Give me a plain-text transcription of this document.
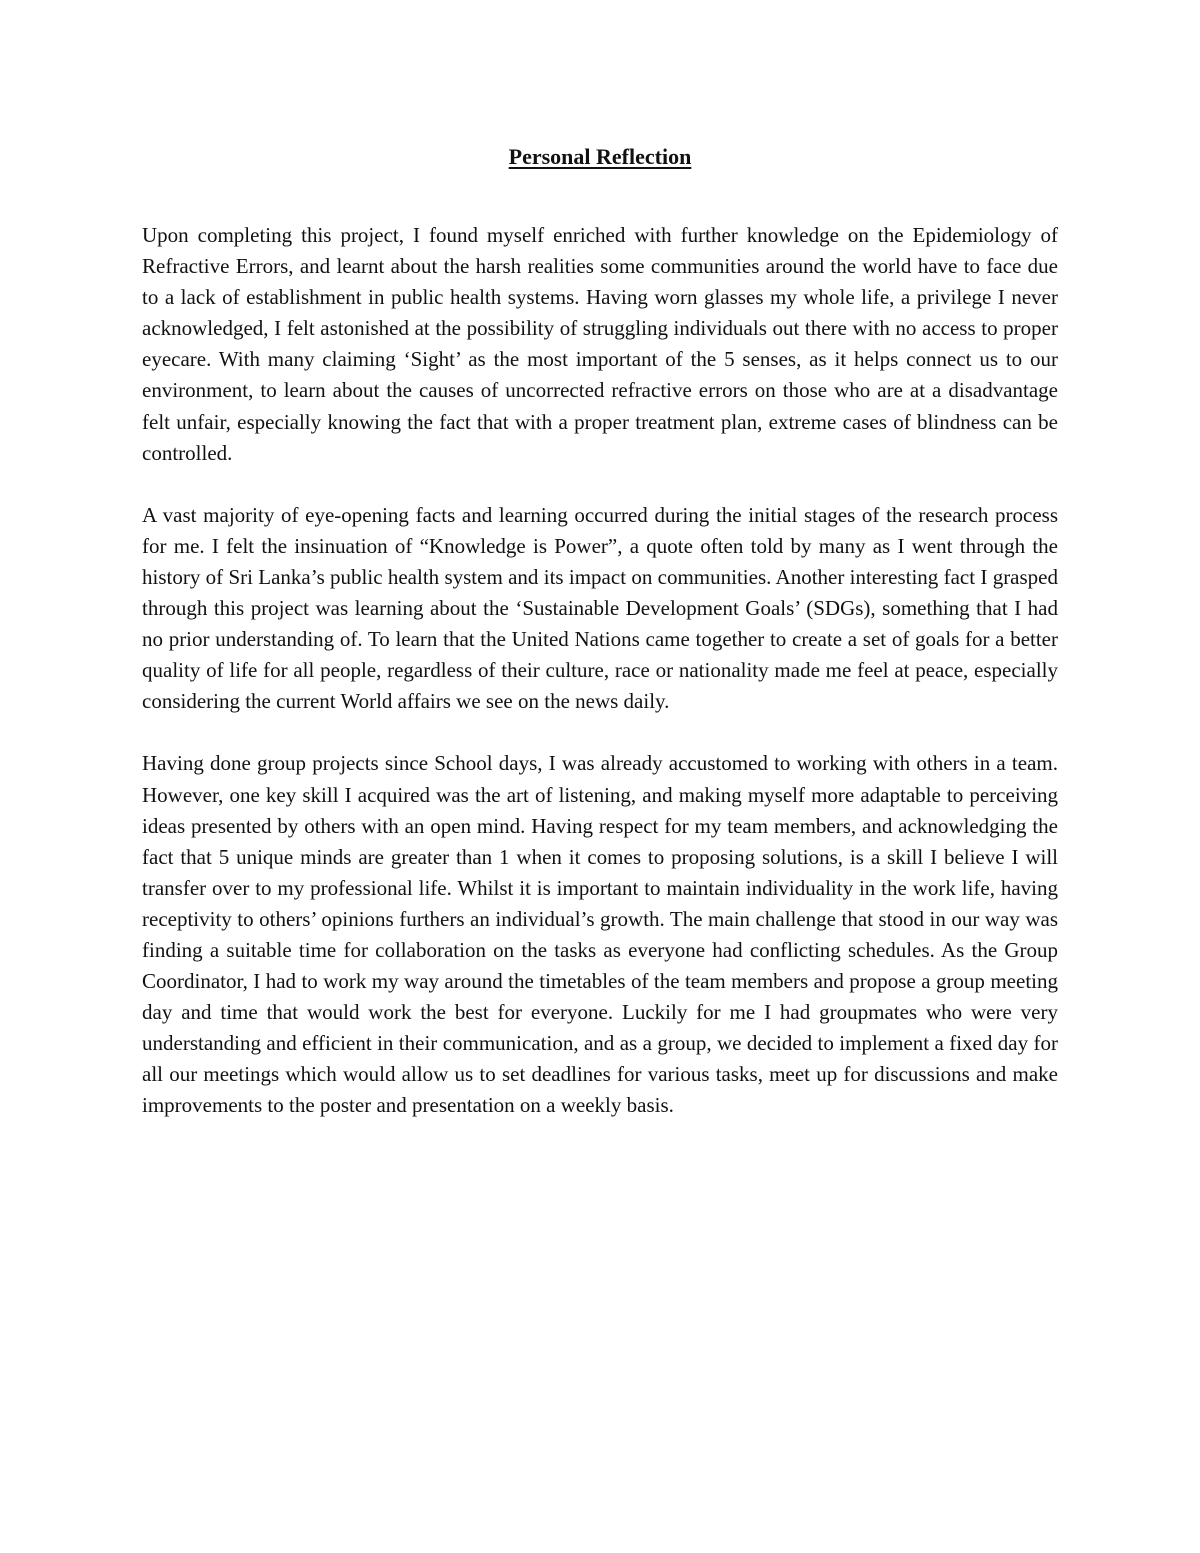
Personal Reflection

Upon completing this project, I found myself enriched with further knowledge on the Epidemiology of Refractive Errors, and learnt about the harsh realities some communities around the world have to face due to a lack of establishment in public health systems. Having worn glasses my whole life, a privilege I never acknowledged, I felt astonished at the possibility of struggling individuals out there with no access to proper eyecare. With many claiming ‘Sight’ as the most important of the 5 senses, as it helps connect us to our environment, to learn about the causes of uncorrected refractive errors on those who are at a disadvantage felt unfair, especially knowing the fact that with a proper treatment plan, extreme cases of blindness can be controlled.

A vast majority of eye-opening facts and learning occurred during the initial stages of the research process for me. I felt the insinuation of “Knowledge is Power”, a quote often told by many as I went through the history of Sri Lanka’s public health system and its impact on communities. Another interesting fact I grasped through this project was learning about the ‘Sustainable Development Goals’ (SDGs), something that I had no prior understanding of. To learn that the United Nations came together to create a set of goals for a better quality of life for all people, regardless of their culture, race or nationality made me feel at peace, especially considering the current World affairs we see on the news daily.

Having done group projects since School days, I was already accustomed to working with others in a team. However, one key skill I acquired was the art of listening, and making myself more adaptable to perceiving ideas presented by others with an open mind. Having respect for my team members, and acknowledging the fact that 5 unique minds are greater than 1 when it comes to proposing solutions, is a skill I believe I will transfer over to my professional life. Whilst it is important to maintain individuality in the work life, having receptivity to others’ opinions furthers an individual’s growth. The main challenge that stood in our way was finding a suitable time for collaboration on the tasks as everyone had conflicting schedules. As the Group Coordinator, I had to work my way around the timetables of the team members and propose a group meeting day and time that would work the best for everyone. Luckily for me I had groupmates who were very understanding and efficient in their communication, and as a group, we decided to implement a fixed day for all our meetings which would allow us to set deadlines for various tasks, meet up for discussions and make improvements to the poster and presentation on a weekly basis.
